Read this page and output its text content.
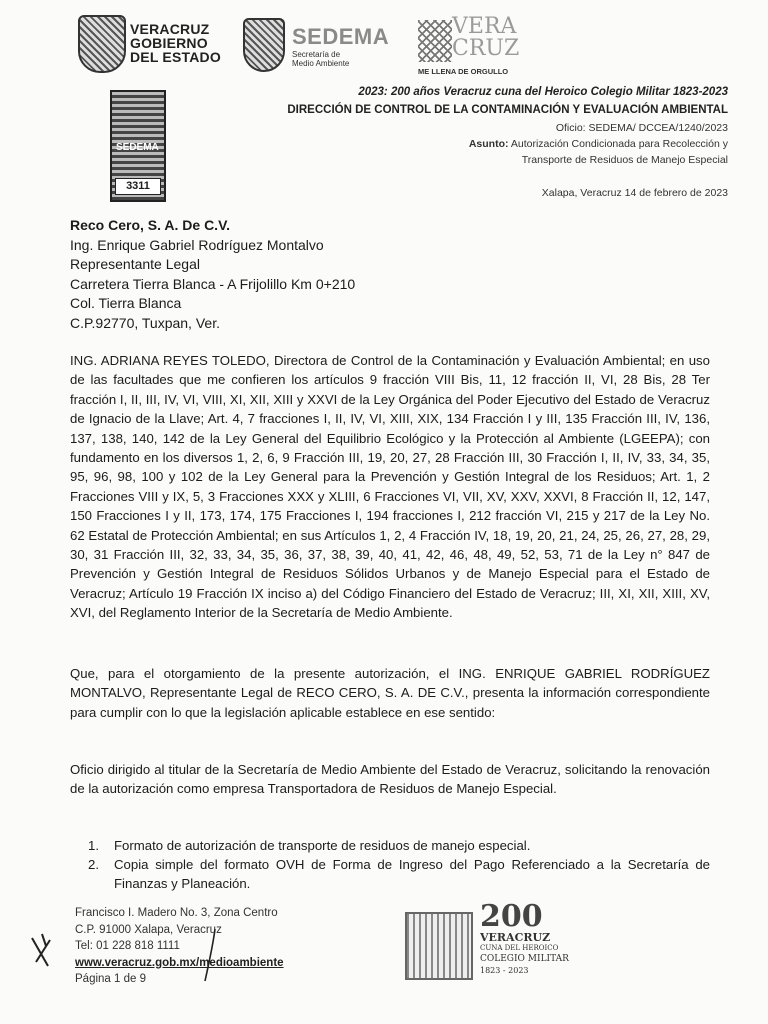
VERACRUZ
GOBIERNO
DEL ESTADO
SEDEMA
Secretaría de
Medio Ambiente
VERA
CRUZ
ME LLENA DE ORGULLO
SEDEMA
3311
2023: 200 años Veracruz cuna del Heroico Colegio Militar 1823-2023
DIRECCIÓN DE CONTROL DE LA CONTAMINACIÓN Y EVALUACIÓN AMBIENTAL
Oficio: SEDEMA/ DCCEA/1240/2023
Asunto: Autorización Condicionada para Recolección y
Transporte de Residuos de Manejo Especial
Xalapa, Veracruz 14 de febrero de 2023
Reco Cero, S. A. De C.V.
Ing. Enrique Gabriel Rodríguez Montalvo
Representante Legal
Carretera Tierra Blanca - A Frijolillo Km 0+210
Col. Tierra Blanca
C.P.92770, Tuxpan, Ver.
ING. ADRIANA REYES TOLEDO, Directora de Control de la Contaminación y Evaluación Ambiental; en uso de las facultades que me confieren los artículos 9 fracción VIII Bis, 11, 12 fracción II, VI, 28 Bis, 28 Ter fracción I, II, III, IV, VI, VIII, XI, XII, XIII y XXVI de la Ley Orgánica del Poder Ejecutivo del Estado de Veracruz de Ignacio de la Llave; Art. 4, 7 fracciones I, II, IV, VI, XIII, XIX, 134 Fracción I y III, 135 Fracción III, IV, 136, 137, 138, 140, 142 de la Ley General del Equilibrio Ecológico y la Protección al Ambiente (LGEEPA); con fundamento en los diversos 1, 2, 6, 9 Fracción III, 19, 20, 27, 28 Fracción III, 30 Fracción I, II, IV, 33, 34, 35, 95, 96, 98, 100 y 102 de la Ley General para la Prevención y Gestión Integral de los Residuos; Art. 1, 2 Fracciones VIII y IX, 5, 3 Fracciones XXX y XLIII, 6 Fracciones VI, VII, XV, XXV, XXVI, 8 Fracción II, 12, 147, 150 Fracciones I y II, 173, 174, 175 Fracciones I, 194 fracciones I, 212 fracción VI, 215 y 217 de la Ley No. 62 Estatal de Protección Ambiental; en sus Artículos 1, 2, 4 Fracción IV, 18, 19, 20, 21, 24, 25, 26, 27, 28, 29, 30, 31 Fracción III, 32, 33, 34, 35, 36, 37, 38, 39, 40, 41, 42, 46, 48, 49, 52, 53, 71 de la Ley n° 847 de Prevención y Gestión Integral de Residuos Sólidos Urbanos y de Manejo Especial para el Estado de Veracruz; Artículo 19 Fracción IX inciso a) del Código Financiero del Estado de Veracruz; III, XI, XII, XIII, XV, XVI, del Reglamento Interior de la Secretaría de Medio Ambiente.
Que, para el otorgamiento de la presente autorización, el ING. ENRIQUE GABRIEL RODRÍGUEZ MONTALVO, Representante Legal de RECO CERO, S. A. DE C.V., presenta la información correspondiente para cumplir con lo que la legislación aplicable establece en ese sentido:
Oficio dirigido al titular de la Secretaría de Medio Ambiente del Estado de Veracruz, solicitando la renovación de la autorización como empresa Transportadora de Residuos de Manejo Especial.
1.	Formato de autorización de transporte de residuos de manejo especial.
2.	Copia simple del formato OVH de Forma de Ingreso del Pago Referenciado a la Secretaría de Finanzas y Planeación.
Francisco I. Madero No. 3, Zona Centro
C.P. 91000 Xalapa, Veracruz
Tel: 01 228 818 1111
www.veracruz.gob.mx/medioambiente
Página 1 de 9
200
VERACRUZ
CUNA DEL HEROICO
COLEGIO MILITAR
1823 - 2023
